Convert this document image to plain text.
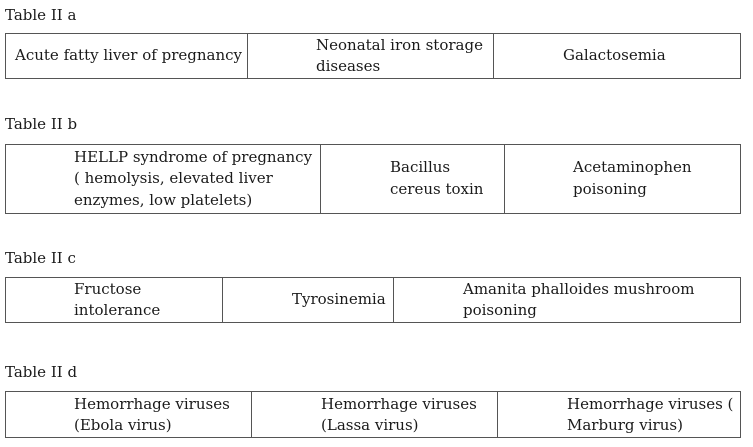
Table II a
Acute fatty liver of pregnancy
Neonatal iron storage
diseases
Galactosemia
Table II b
HELLP syndrome of pregnancy
( hemolysis, elevated liver
enzymes, low platelets)
Bacillus
cereus toxin
Acetaminophen
poisoning
Table II c
Fructose
intolerance
Tyrosinemia
Amanita phalloides mushroom
poisoning
Table II d
Hemorrhage viruses
(Ebola virus)
Hemorrhage viruses
(Lassa virus)
Hemorrhage viruses (
Marburg virus)
